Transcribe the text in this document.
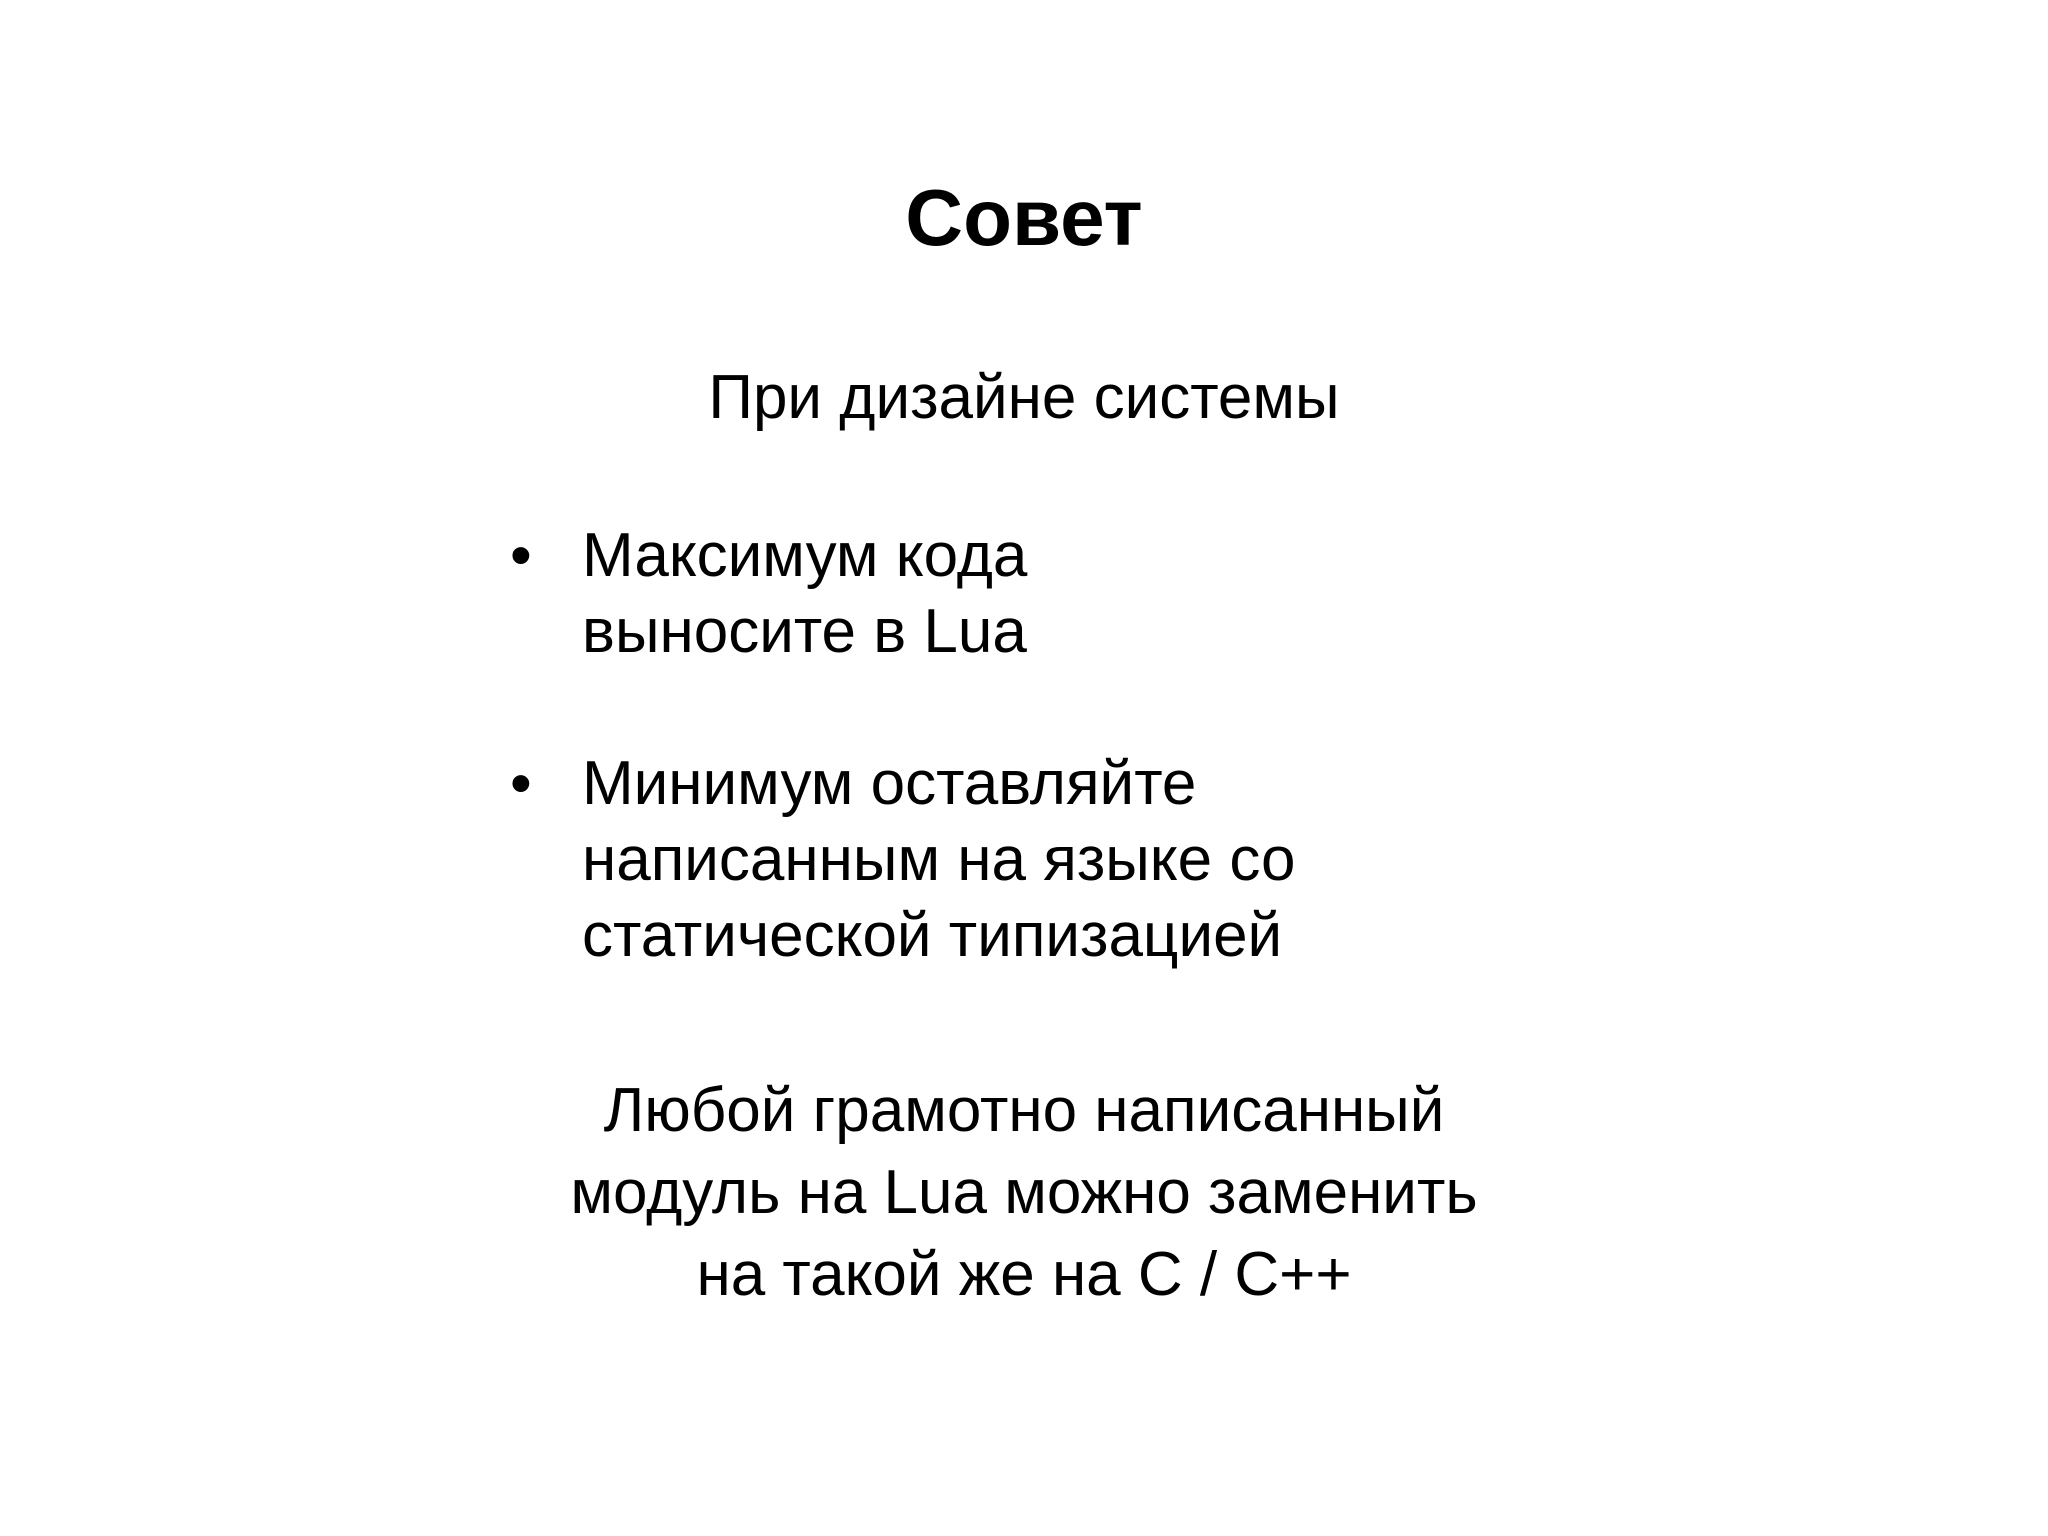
Совет

При дизайне системы

• Максимум кода
выносите в Lua
• Минимум оставляйте
написанным на языке со
статической типизацией

Любой грамотно написанный
модуль на Lua можно заменить
на такой же на C / C++
